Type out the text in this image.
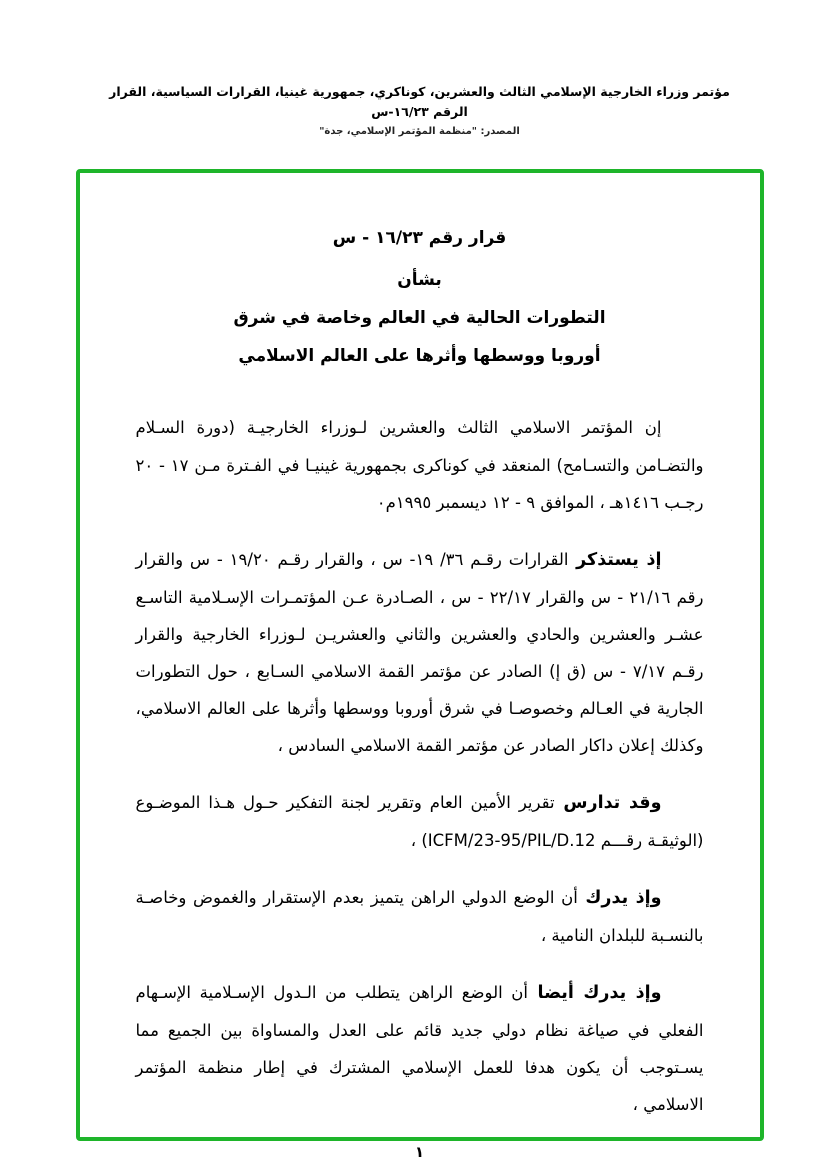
مؤتمر وزراء الخارجية الإسلامي الثالث والعشرين، كوناكري، جمهورية غينيا، القرارات السياسية، القرار الرقم ١٦/٢٣-س
المصدر: "منظمة المؤتمر الإسلامي، جدة"
قرار رقم ١٦/٢٣ - س
بشأن
التطورات الحالية في العالم وخاصة في شرق
أوروبا ووسطها وأثرها على العالم الاسلامي

إن المؤتمر الاسلامي الثالث والعشرين لـوزراء الخارجيـة (دورة السـلام والتضـامن والتسـامح) المنعقد في كوناكرى بجمهورية غينيـا في الفـترة مـن ١٧ - ٢٠ رجـب ١٤١٦هـ ، الموافق ٩ - ١٢ ديسمبر ١٩٩٥م٠

إذ يستذكر القرارات رقـم ٣٦/ ١٩- س ، والقرار رقـم ١٩/٢٠ - س والقرار رقم ٢١/١٦ - س والقرار ٢٢/١٧ - س ، الصـادرة عـن المؤتمـرات الإسـلامية التاسـع عشـر والعشرين والحادي والعشرين والثاني والعشريـن لـوزراء الخارجية والقرار رقـم ٧/١٧ - س (ق إ) الصادر عن مؤتمر القمة الاسلامي السـابع ، حول التطورات الجارية في العـالم وخصوصـا في شرق أوروبا ووسطها وأثرها على العالم الاسلامي، وكذلك إعلان داكار الصادر عن مؤتمر القمة الاسلامي السادس ،

وقد تدارس تقرير الأمين العام وتقرير لجنة التفكير حـول هـذا الموضـوع (الوثيقـة رقـــم ICFM/23-95/PIL/D.12) ،

وإذ يدرك أن الوضع الدولي الراهن يتميز بعدم الإستقرار والغموض وخاصـة بالنسـبة للبلدان النامية ،

وإذ يدرك أيضا أن الوضع الراهن يتطلب من الـدول الإسـلامية الإسـهام الفعلي في صياغة نظام دولي جديد قائم على العدل والمساواة بين الجميع مما يسـتوجب أن يكون هدفا للعمل الإسلامي المشترك في إطار منظمة المؤتمر الاسلامي ،

١
